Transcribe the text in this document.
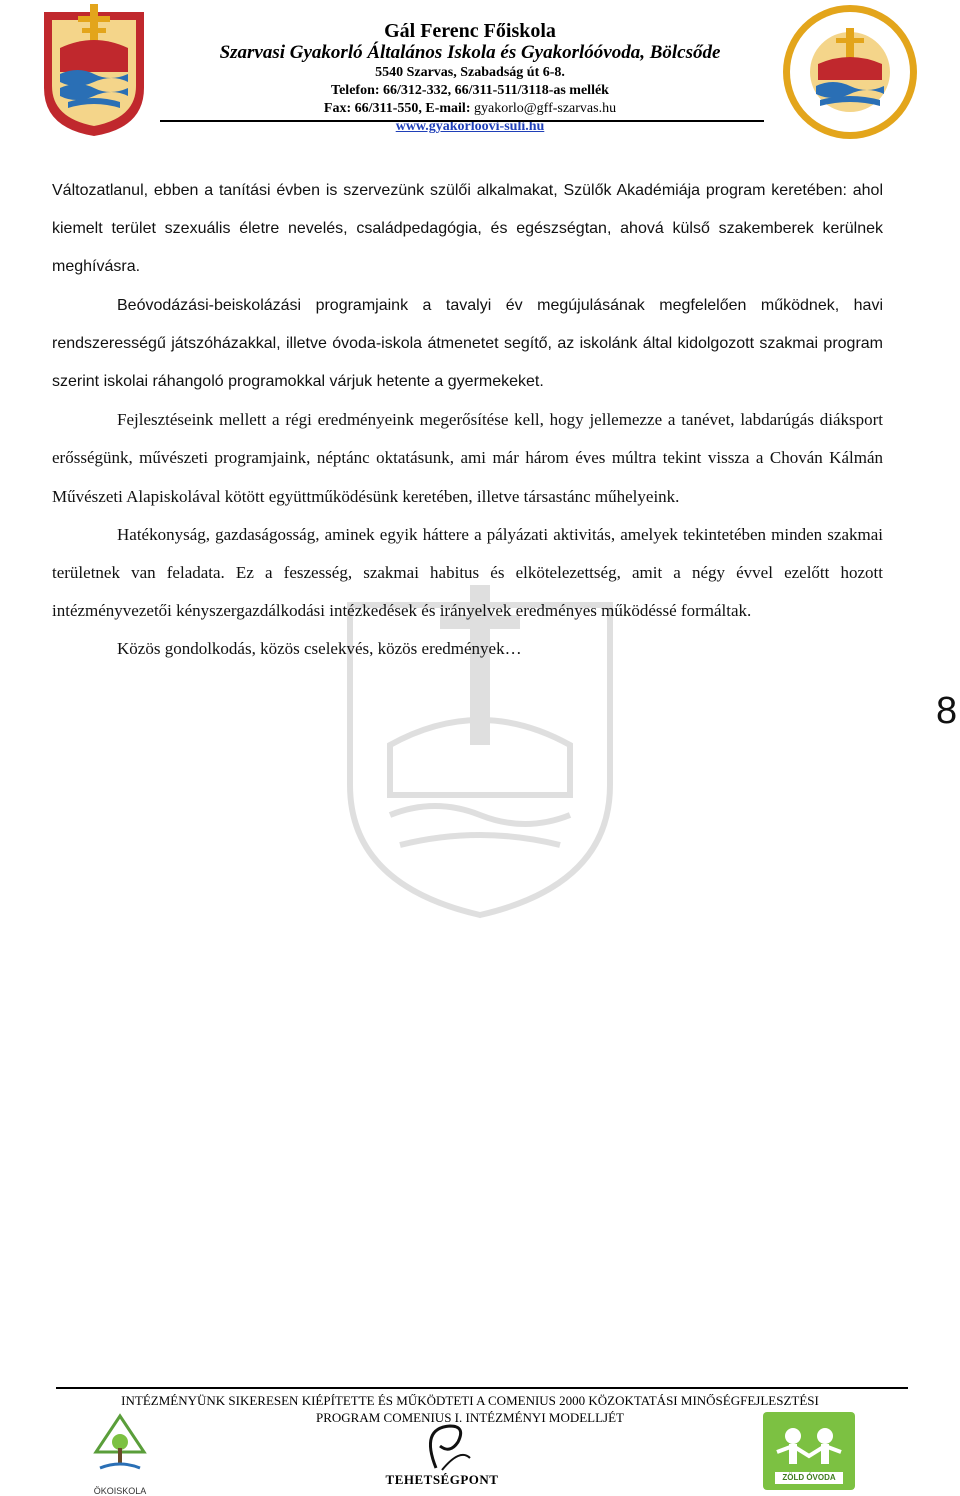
Gál Ferenc Főiskola
Szarvasi Gyakorló Általános Iskola és Gyakorlóóvoda, Bölcsőde
5540 Szarvas, Szabadság út 6-8.
Telefon: 66/312-332, 66/311-511/3118-as mellék
Fax: 66/311-550, E-mail: gyakorlo@gff-szarvas.hu
www.gyakorloovi-suli.hu

Változatlanul, ebben a tanítási évben is szervezünk szülői alkalmakat, Szülők Akadémiája program keretében: ahol kiemelt terület szexuális életre nevelés, családpedagógia, és egészségtan, ahová külső szakemberek kerülnek meghívásra.

Beóvodázási-beiskolázási programjaink a tavalyi év megújulásának megfelelően működnek, havi rendszerességű játszóházakkal, illetve óvoda-iskola átmenetet segítő, az iskolánk által kidolgozott szakmai program szerint iskolai ráhangoló programokkal várjuk hetente a gyermekeket.

Fejlesztéseink mellett a régi eredményeink megerősítése kell, hogy jellemezze a tanévet, labdarúgás diáksport erősségünk, művészeti programjaink, néptánc oktatásunk, ami már három éves múltra tekint vissza a Chován Kálmán Művészeti Alapiskolával kötött együttműködésünk keretében, illetve társastánc műhelyeink.

Hatékonyság, gazdaságosság, aminek egyik háttere a pályázati aktivitás, amelyek tekintetében minden szakmai területnek van feladata. Ez a feszesség, szakmai habitus és elkötelezettség, amit a négy évvel ezelőtt hozott intézményvezetői kényszergazdálkodási intézkedések és irányelvek eredményes működéssé formáltak.

Közös gondolkodás, közös cselekvés, közös eredmények…

8
INTÉZMÉNYÜNK SIKERESEN KIÉPÍTETTE ÉS MŰKÖDTETI A COMENIUS 2000 KÖZOKTATÁSI MINŐSÉGFEJLESZTÉSI
PROGRAM COMENIUS I. INTÉZMÉNYI MODELLJÉT
ÖKOISKOLA
TEHETSÉGPONT	ZÖLD ÓVODA
